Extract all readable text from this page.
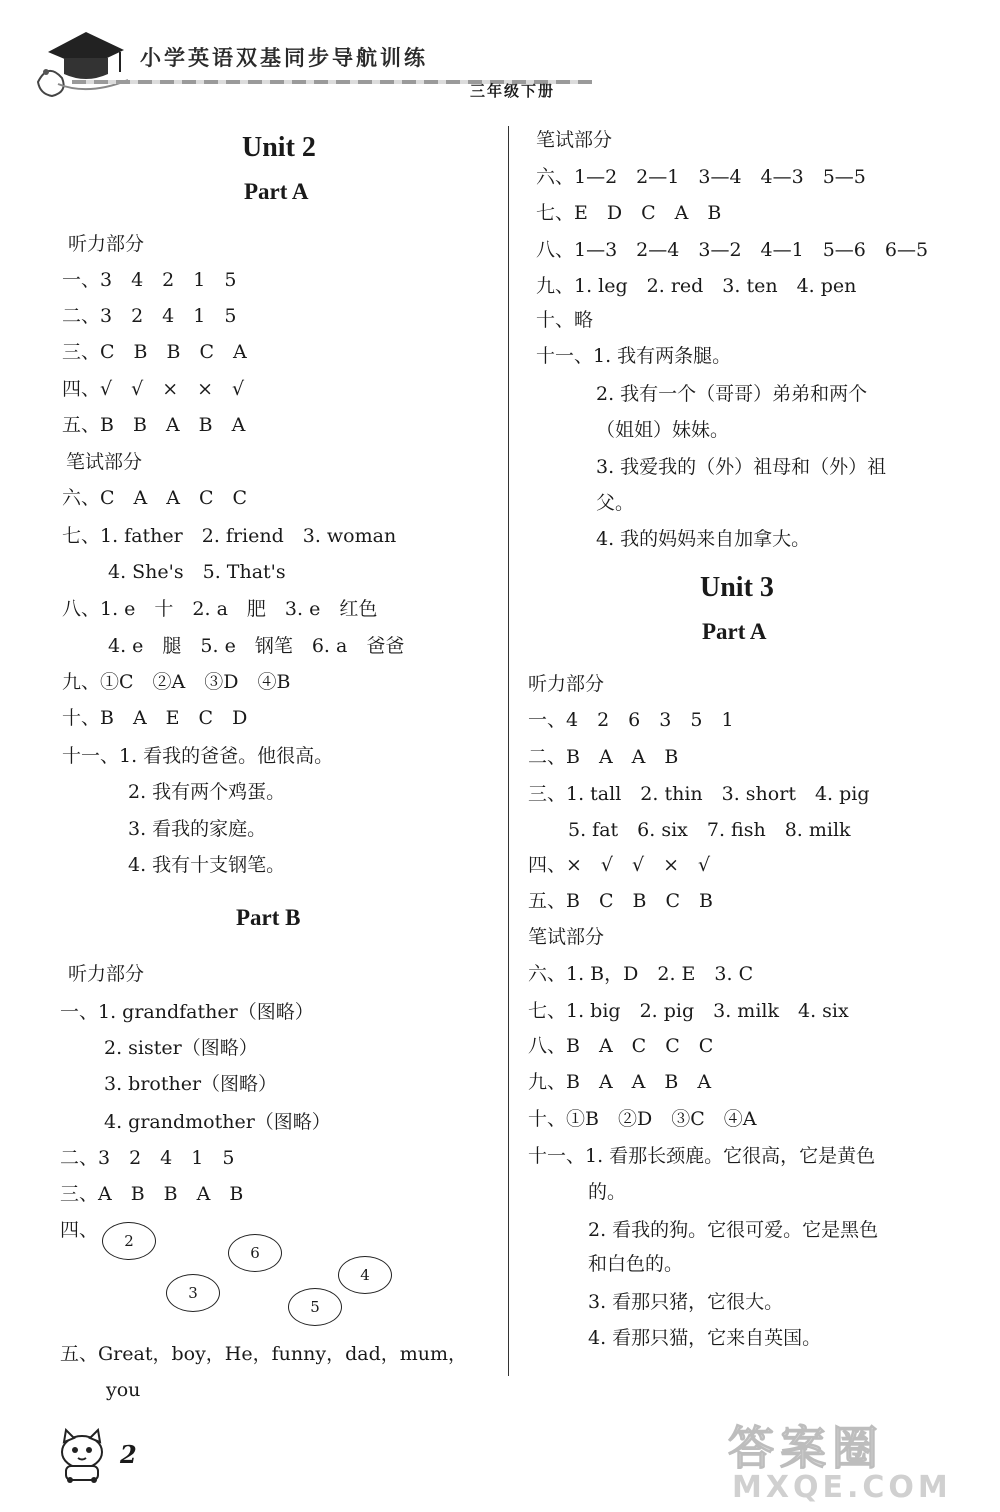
小学英语双基同步导航训练
三年级下册
Unit 2
Part A
听力部分
一、3　4　2　1　5
二、3　2　4　1　5
三、C　B　B　C　A
四、√　√　×　×　√
五、B　B　A　B　A
笔试部分
六、C　A　A　C　C
七、1. father　2. friend　3. woman
4. She's　5. That's
八、1. e　十　2. a　肥　3. e　红色
4. e　腿　5. e　钢笔　6. a　爸爸
九、①C　②A　③D　④B
十、B　A　E　C　D
十一、1. 看我的爸爸。他很高。
2. 我有两个鸡蛋。
3. 看我的家庭。
4. 我有十支钢笔。
Part B
听力部分
一、1. grandfather（图略）
2. sister（图略）
3. brother（图略）
4. grandmother（图略）
二、3　2　4　1　5
三、A　B　B　A　B
四、	2
6
3
4
5
五、Great，boy，He，funny，dad，mum，
you
笔试部分
六、1—2　2—1　3—4　4—3　5—5
七、E　D　C　A　B
八、1—3　2—4　3—2　4—1　5—6　6—5
九、1. leg　2. red　3. ten　4. pen
十、略
十一、1. 我有两条腿。
2. 我有一个（哥哥）弟弟和两个
（姐姐）妹妹。
3. 我爱我的（外）祖母和（外）祖
父。
4. 我的妈妈来自加拿大。
Unit 3
Part A
听力部分
一、4　2　6　3　5　1
二、B　A　A　B
三、1. tall　2. thin　3. short　4. pig
5. fat　6. six　7. fish　8. milk
四、×　√　√　×　√
五、B　C　B　C　B
笔试部分
六、1. B，D　2. E　3. C
七、1. big　2. pig　3. milk　4. six
八、B　A　C　C　C
九、B　A　A　B　A
十、①B　②D　③C　④A
十一、1. 看那长颈鹿。它很高，它是黄色
的。
2. 看我的狗。它很可爱。它是黑色
和白色的。
3. 看那只猪，它很大。
4. 看那只猫，它来自英国。
2	答案圈
MXQE.COM
